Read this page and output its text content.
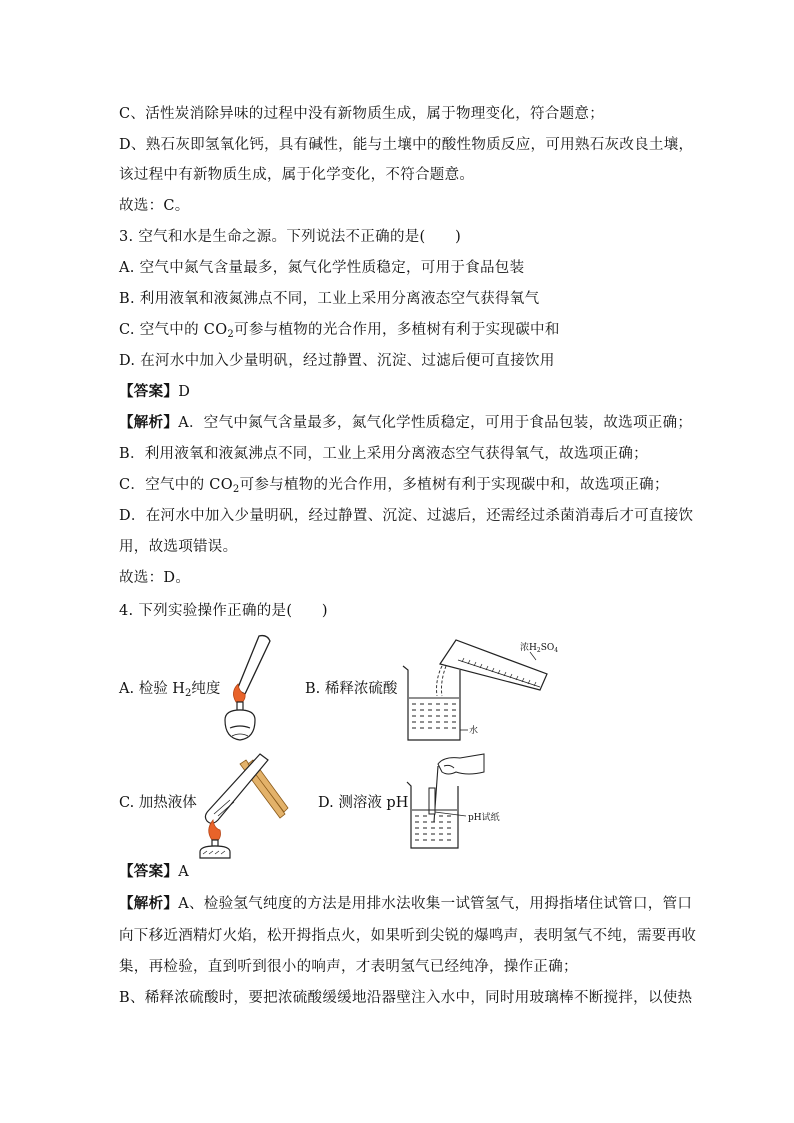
C、活性炭消除异味的过程中没有新物质生成，属于物理变化，符合题意；
D、熟石灰即氢氧化钙，具有碱性，能与土壤中的酸性物质反应，可用熟石灰改良土壤，
该过程中有新物质生成，属于化学变化，不符合题意。
故选：C。
3. 空气和水是生命之源。下列说法不正确的是(　　)
A. 空气中氮气含量最多，氮气化学性质稳定，可用于食品包装
B. 利用液氧和液氮沸点不同，工业上采用分离液态空气获得氧气
C. 空气中的 $CO_2$可参与植物的光合作用，多植树有利于实现碳中和
D. 在河水中加入少量明矾，经过静置、沉淀、过滤后便可直接饮用
【答案】D
【解析】A．空气中氮气含量最多，氮气化学性质稳定，可用于食品包装，故选项正确；
B．利用液氧和液氮沸点不同，工业上采用分离液态空气获得氧气，故选项正确；
C．空气中的 $CO_2$可参与植物的光合作用，多植树有利于实现碳中和，故选项正确；
D．在河水中加入少量明矾，经过静置、沉淀、过滤后，还需经过杀菌消毒后才可直接饮
用，故选项错误。
故选：D。
4. 下列实验操作正确的是(　　)
A. 检验 $H_2$纯度	B. 稀释浓硫酸
C. 加热液体	D. 测溶液 pH
水
浓$H_2SO_4$
pH试纸
【答案】A
【解析】A、检验氢气纯度的方法是用排水法收集一试管氢气，用拇指堵住试管口，管口
向下移近酒精灯火焰，松开拇指点火，如果听到尖锐的爆鸣声，表明氢气不纯，需要再收
集，再检验，直到听到很小的响声，才表明氢气已经纯净，操作正确；
B、稀释浓硫酸时，要把浓硫酸缓缓地沿器壁注入水中，同时用玻璃棒不断搅拌，以使热
